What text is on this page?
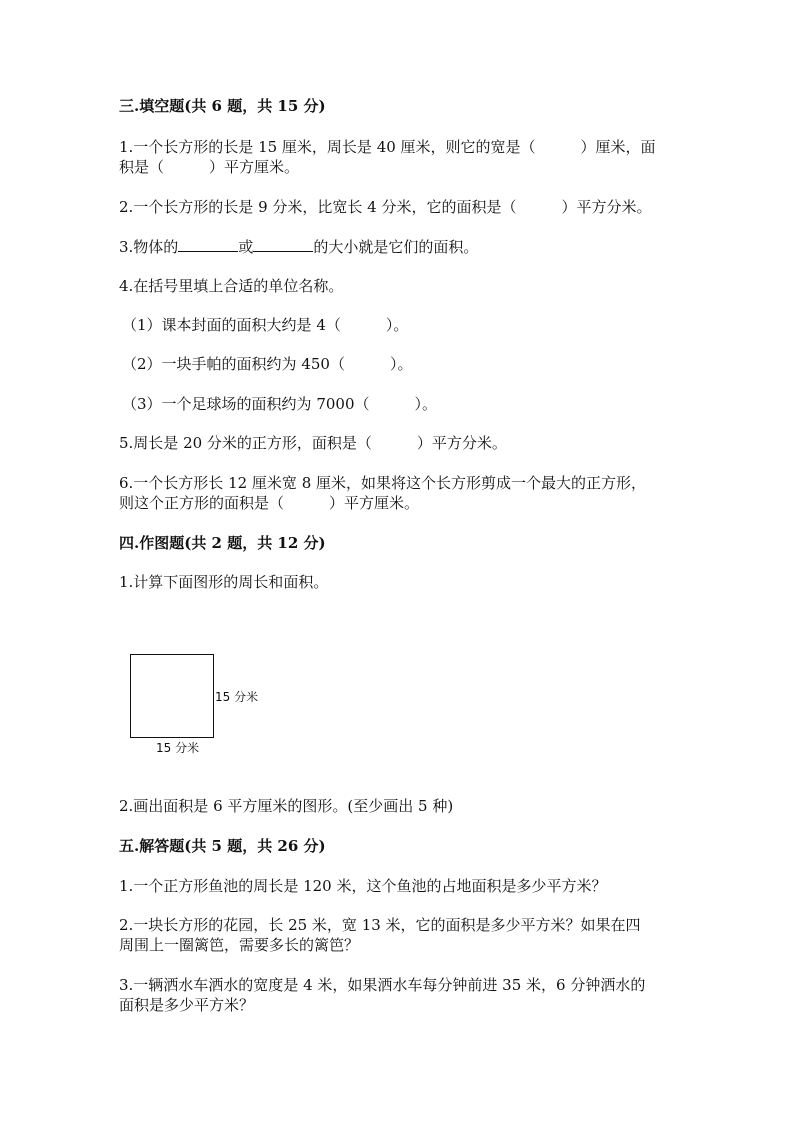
三.填空题(共 6 题，共 15 分)
1.一个长方形的长是 15 厘米，周长是 40 厘米，则它的宽是（　　　）厘米，面
积是（　　　）平方厘米。
2.一个长方形的长是 9 分米，比宽长 4 分米，它的面积是（　　　）平方分米。
3.物体的	或	的大小就是它们的面积。
4.在括号里填上合适的单位名称。
（1）课本封面的面积大约是 4（　　　）。
（2）一块手帕的面积约为 450（　　　）。
（3）一个足球场的面积约为 7000（　　　）。
5.周长是 20 分米的正方形，面积是（　　　）平方分米。
6.一个长方形长 12 厘米宽 8 厘米，如果将这个长方形剪成一个最大的正方形，
则这个正方形的面积是（　　　）平方厘米。
四.作图题(共 2 题，共 12 分)
1.计算下面图形的周长和面积。
15 分米
15 分米
2.画出面积是 6 平方厘米的图形。(至少画出 5 种)
五.解答题(共 5 题，共 26 分)
1.一个正方形鱼池的周长是 120 米，这个鱼池的占地面积是多少平方米？
2.一块长方形的花园，长 25 米，宽 13 米，它的面积是多少平方米？如果在四
周围上一圈篱笆，需要多长的篱笆？
3.一辆洒水车洒水的宽度是 4 米，如果洒水车每分钟前进 35 米，6 分钟洒水的
面积是多少平方米？
